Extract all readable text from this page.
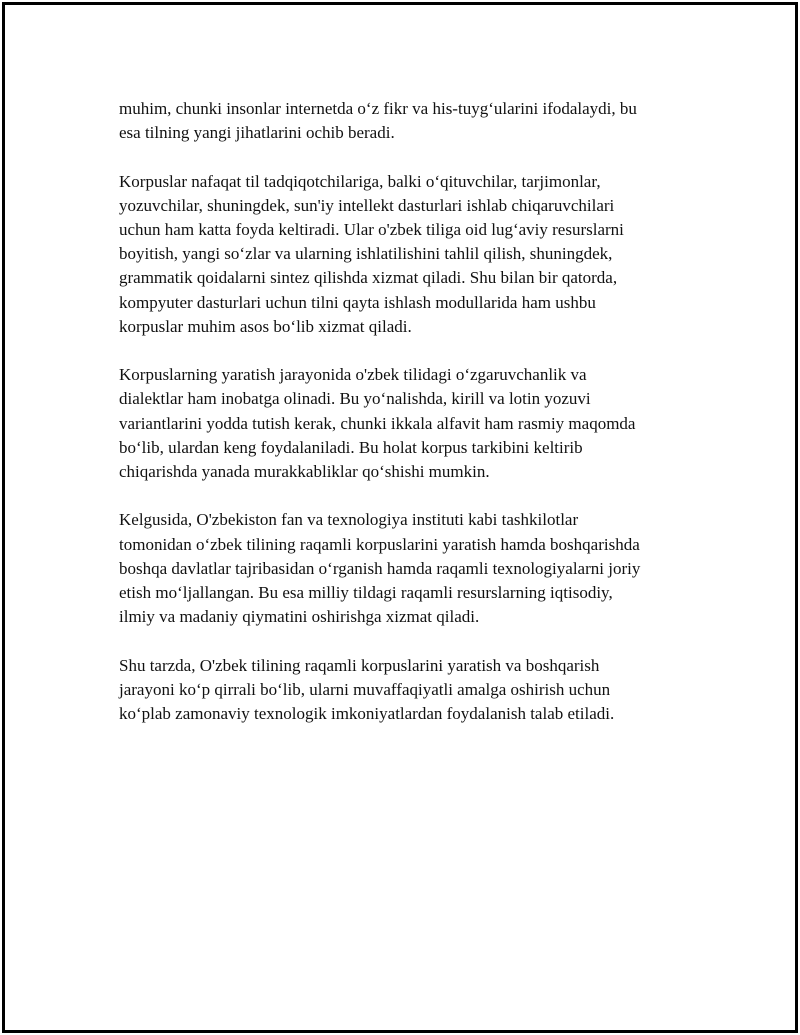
muhim, chunki insonlar internetda o‘z fikr va his-tuyg‘ularini ifodalaydi, bu
esa tilning yangi jihatlarini ochib beradi.

Korpuslar nafaqat til tadqiqotchilariga, balki o‘qituvchilar, tarjimonlar,
yozuvchilar, shuningdek, sun'iy intellekt dasturlari ishlab chiqaruvchilari
uchun ham katta foyda keltiradi. Ular o'zbek tiliga oid lug‘aviy resurslarni
boyitish, yangi so‘zlar va ularning ishlatilishini tahlil qilish, shuningdek,
grammatik qoidalarni sintez qilishda xizmat qiladi. Shu bilan bir qatorda,
kompyuter dasturlari uchun tilni qayta ishlash modullarida ham ushbu
korpuslar muhim asos bo‘lib xizmat qiladi.

Korpuslarning yaratish jarayonida o'zbek tilidagi o‘zgaruvchanlik va
dialektlar ham inobatga olinadi. Bu yo‘nalishda, kirill va lotin yozuvi
variantlarini yodda tutish kerak, chunki ikkala alfavit ham rasmiy maqomda
bo‘lib, ulardan keng foydalaniladi. Bu holat korpus tarkibini keltirib
chiqarishda yanada murakkabliklar qo‘shishi mumkin.

Kelgusida, O'zbekiston fan va texnologiya instituti kabi tashkilotlar
tomonidan o‘zbek tilining raqamli korpuslarini yaratish hamda boshqarishda
boshqa davlatlar tajribasidan o‘rganish hamda raqamli texnologiyalarni joriy
etish mo‘ljallangan. Bu esa milliy tildagi raqamli resurslarning iqtisodiy,
ilmiy va madaniy qiymatini oshirishga xizmat qiladi.

Shu tarzda, O'zbek tilining raqamli korpuslarini yaratish va boshqarish
jarayoni ko‘p qirrali bo‘lib, ularni muvaffaqiyatli amalga oshirish uchun
ko‘plab zamonaviy texnologik imkoniyatlardan foydalanish talab etiladi.
